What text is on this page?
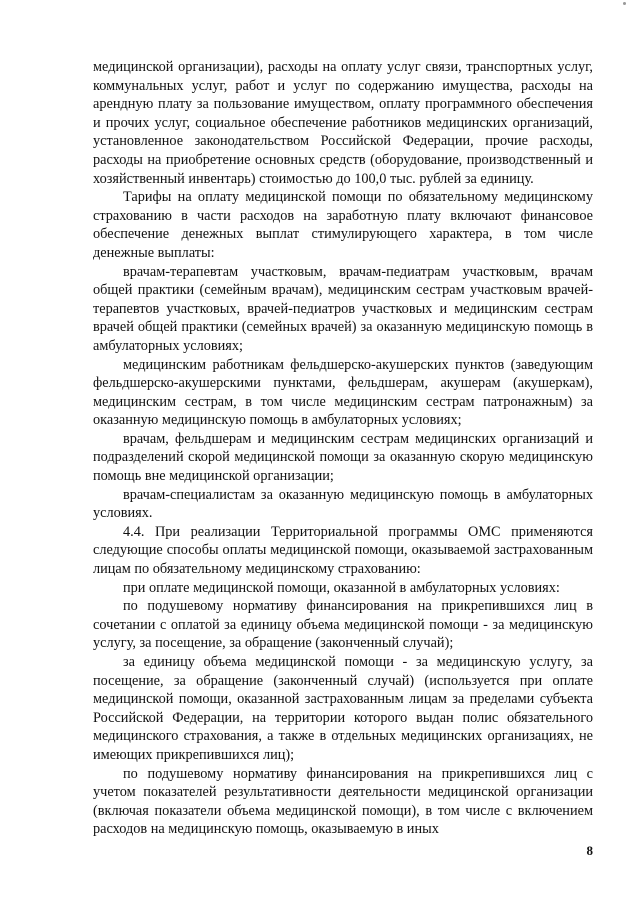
медицинской организации), расходы на оплату услуг связи, транспортных услуг, коммунальных услуг, работ и услуг по содержанию имущества, расходы на арендную плату за пользование имуществом, оплату программного обеспечения и прочих услуг, социальное обеспечение работников медицинских организаций, установленное законодательством Российской Федерации, прочие расходы, расходы на приобретение основных средств (оборудование, производственный и хозяйственный инвентарь) стоимостью до 100,0 тыс. рублей за единицу.

Тарифы на оплату медицинской помощи по обязательному медицинскому страхованию в части расходов на заработную плату включают финансовое обеспечение денежных выплат стимулирующего характера, в том числе денежные выплаты:

врачам-терапевтам участковым, врачам-педиатрам участковым, врачам общей практики (семейным врачам), медицинским сестрам участковым врачей-терапевтов участковых, врачей-педиатров участковых и медицинским сестрам врачей общей практики (семейных врачей) за оказанную медицинскую помощь в амбулаторных условиях;

медицинским работникам фельдшерско-акушерских пунктов (заведующим фельдшерско-акушерскими пунктами, фельдшерам, акушерам (акушеркам), медицинским сестрам, в том числе медицинским сестрам патронажным) за оказанную медицинскую помощь в амбулаторных условиях;

врачам, фельдшерам и медицинским сестрам медицинских организаций и подразделений скорой медицинской помощи за оказанную скорую медицинскую помощь вне медицинской организации;

врачам-специалистам за оказанную медицинскую помощь в амбулаторных условиях.

4.4. При реализации Территориальной программы ОМС применяются следующие способы оплаты медицинской помощи, оказываемой застрахованным лицам по обязательному медицинскому страхованию:

при оплате медицинской помощи, оказанной в амбулаторных условиях:

по подушевому нормативу финансирования на прикрепившихся лиц в сочетании с оплатой за единицу объема медицинской помощи - за медицинскую услугу, за посещение, за обращение (законченный случай);

за единицу объема медицинской помощи - за медицинскую услугу, за посещение, за обращение (законченный случай) (используется при оплате медицинской помощи, оказанной застрахованным лицам за пределами субъекта Российской Федерации, на территории которого выдан полис обязательного медицинского страхования, а также в отдельных медицинских организациях, не имеющих прикрепившихся лиц);

по подушевому нормативу финансирования на прикрепившихся лиц с учетом показателей результативности деятельности медицинской организации (включая показатели объема медицинской помощи), в том числе с включением расходов на медицинскую помощь, оказываемую в иных

8
